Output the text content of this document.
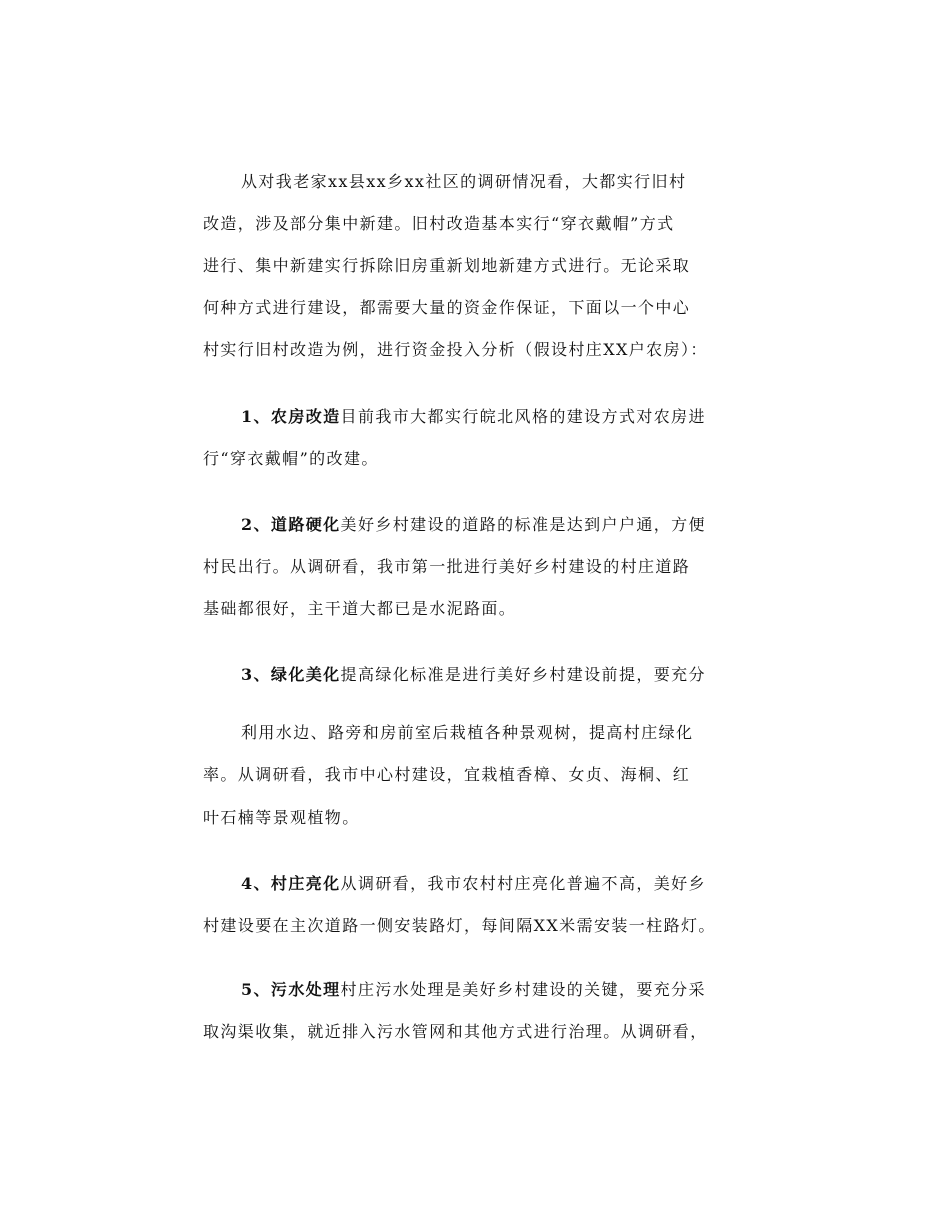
从对我老家xx县xx乡xx社区的调研情况看，大都实行旧村
改造，涉及部分集中新建。旧村改造基本实行“穿衣戴帽”方式
进行、集中新建实行拆除旧房重新划地新建方式进行。无论采取
何种方式进行建设，都需要大量的资金作保证，下面以一个中心
村实行旧村改造为例，进行资金投入分析（假设村庄XX户农房）：
1、农房改造目前我市大都实行皖北风格的建设方式对农房进
行“穿衣戴帽”的改建。
2、道路硬化美好乡村建设的道路的标准是达到户户通，方便
村民出行。从调研看，我市第一批进行美好乡村建设的村庄道路
基础都很好，主干道大都已是水泥路面。
3、绿化美化提高绿化标准是进行美好乡村建设前提，要充分
利用水边、路旁和房前室后栽植各种景观树，提高村庄绿化
率。从调研看，我市中心村建设，宜栽植香樟、女贞、海桐、红
叶石楠等景观植物。
4、村庄亮化从调研看，我市农村村庄亮化普遍不高，美好乡
村建设要在主次道路一侧安装路灯，每间隔XX米需安装一柱路灯。
5、污水处理村庄污水处理是美好乡村建设的关键，要充分采
取沟渠收集，就近排入污水管网和其他方式进行治理。从调研看，
